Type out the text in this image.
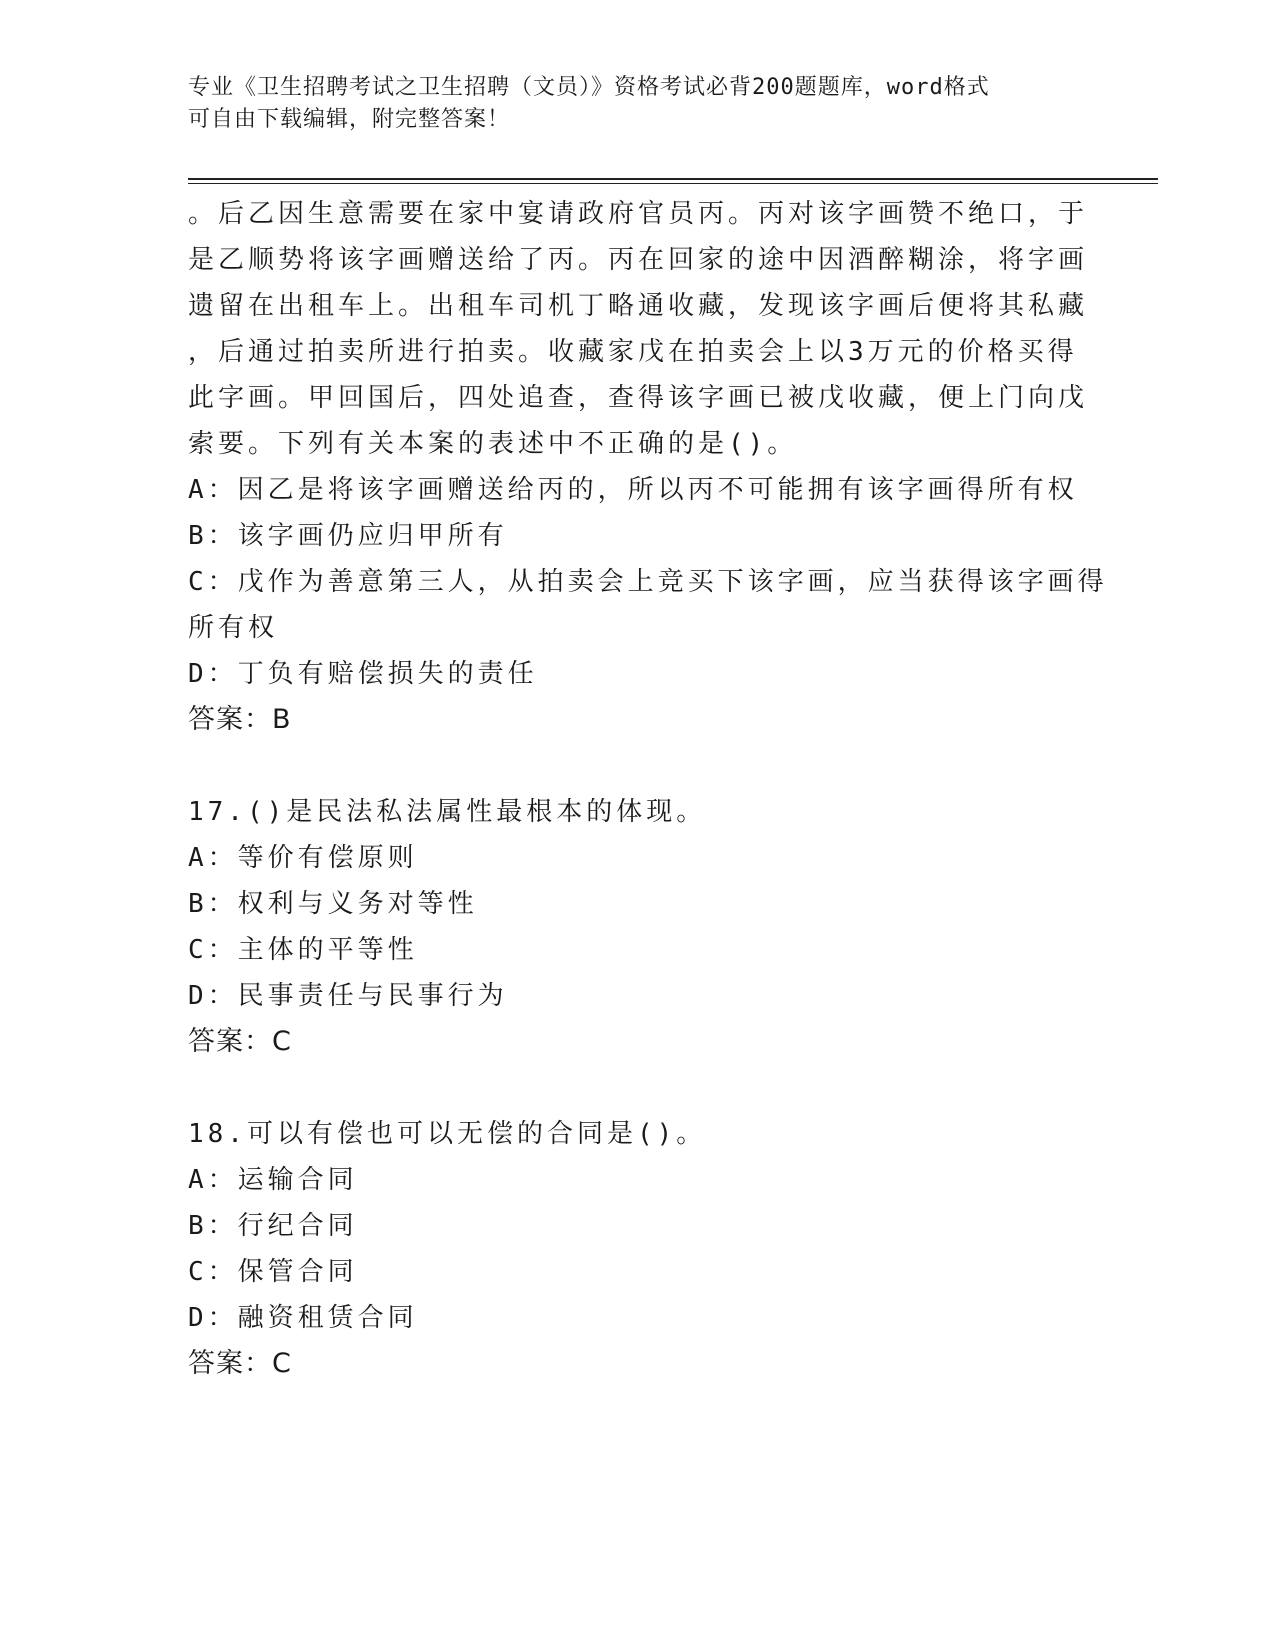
专业《卫生招聘考试之卫生招聘（文员）》资格考试必背200题题库，word格式

可自由下载编辑，附完整答案！

。后乙因生意需要在家中宴请政府官员丙。丙对该字画赞不绝口，于

是乙顺势将该字画赠送给了丙。丙在回家的途中因酒醉糊涂，将字画

遗留在出租车上。出租车司机丁略通收藏，发现该字画后便将其私藏

，后通过拍卖所进行拍卖。收藏家戊在拍卖会上以3万元的价格买得

此字画。甲回国后，四处追查，查得该字画已被戊收藏，便上门向戊

索要。下列有关本案的表述中不正确的是()。

A：因乙是将该字画赠送给丙的，所以丙不可能拥有该字画得所有权

B：该字画仍应归甲所有

C：戊作为善意第三人，从拍卖会上竞买下该字画，应当获得该字画得

所有权

D：丁负有赔偿损失的责任

答案：B

17.()是民法私法属性最根本的体现。

A：等价有偿原则

B：权利与义务对等性

C：主体的平等性

D：民事责任与民事行为

答案：C

18.可以有偿也可以无偿的合同是()。

A：运输合同

B：行纪合同

C：保管合同

D：融资租赁合同

答案：C
